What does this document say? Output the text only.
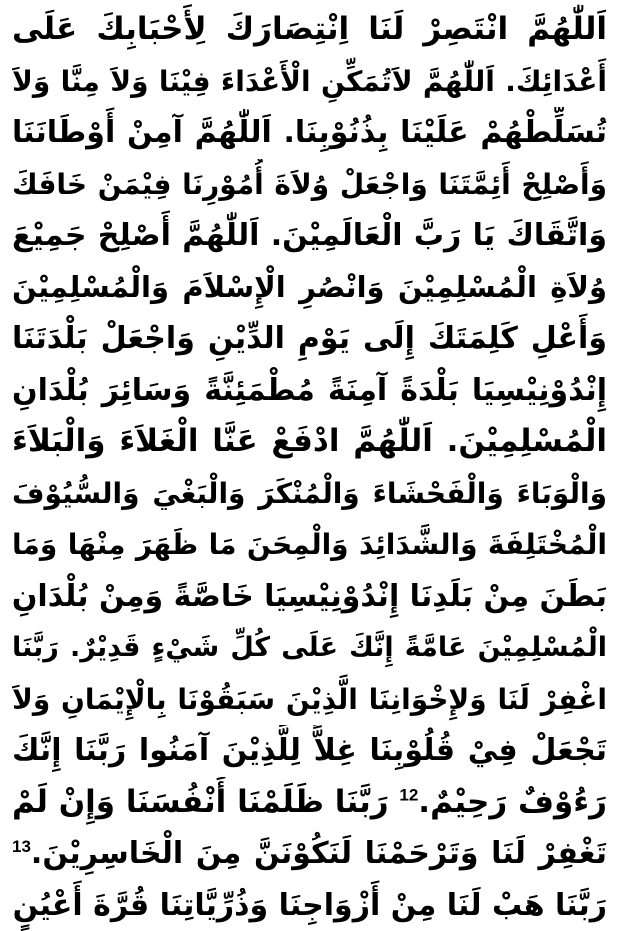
اَللّٰهُمَّ انْتَصِرْ لَنَا اِنْتِصَارَكَ لِأَحْبَابِكَ عَلَى
أَعْدَائِكَ. اَللّٰهُمَّ لاَتُمَكِّنِ الْأَعْدَاءَ فِيْنَا وَلاَ مِنَّا وَلاَ
تُسَلِّطْهُمْ عَلَيْنَا بِذُنُوْبِنَا. اَللّٰهُمَّ آمِنْ أَوْطَانَنَا
وَأَصْلِحْ أَئِمَّتَنَا وَاجْعَلْ وُلاَةَ أُمُوْرِنَا فِيْمَنْ خَافَكَ
وَاتَّقَاكَ يَا رَبَّ الْعَالَمِيْنَ. اَللّٰهُمَّ أَصْلِحْ جَمِيْعَ
وُلاَةِ الْمُسْلِمِيْنَ وَانْصُرِ الْإِسْلاَمَ وَالْمُسْلِمِيْنَ
وَأَعْلِ كَلِمَتَكَ إِلَى يَوْمِ الدِّيْنِ وَاجْعَلْ بَلْدَتَنَا
إِنْدُوْنِيْسِيَا بَلْدَةً آمِنَةً مُطْمَئِنَّةً وَسَائِرَ بُلْدَانِ
الْمُسْلِمِيْنَ. اَللّٰهُمَّ ادْفَعْ عَنَّا الْغَلاَءَ وَالْبَلاَءَ
وَالْوَبَاءَ وَالْفَحْشَاءَ وَالْمُنْكَرَ وَالْبَغْيَ وَالسُّيُوْفَ
الْمُخْتَلِفَةَ وَالشَّدَائِدَ وَالْمِحَنَ مَا ظَهَرَ مِنْهَا وَمَا
بَطَنَ مِنْ بَلَدِنَا إِنْدُوْنِيْسِيَا خَاصَّةً وَمِنْ بُلْدَانِ
الْمُسْلِمِيْنَ عَامَّةً إِنَّكَ عَلَى كُلِّ شَيْءٍ قَدِيْرٌ. رَبَّنَا
اغْفِرْ لَنَا وَلإِخْوَانِنَا الَّذِيْنَ سَبَقُوْنَا بِالْإِيْمَانِ وَلاَ
تَجْعَلْ فِيْ قُلُوْبِنَا غِلاًّ لِلَّذِيْنَ آمَنُوا رَبَّنَا إِنَّكَ
رَءُوْفٌ رَحِيْمٌ.$^{12}$ رَبَّنَا ظَلَمْنَا أَنْفُسَنَا وَإِنْ لَمْ
تَغْفِرْ لَنَا وَتَرْحَمْنَا لَنَكُوْنَنَّ مِنَ الْخَاسِرِيْنَ.$^{13}$
رَبَّنَا هَبْ لَنَا مِنْ أَزْوَاجِنَا وَذُرِّيَّاتِنَا قُرَّةَ أَعْيُنٍ
